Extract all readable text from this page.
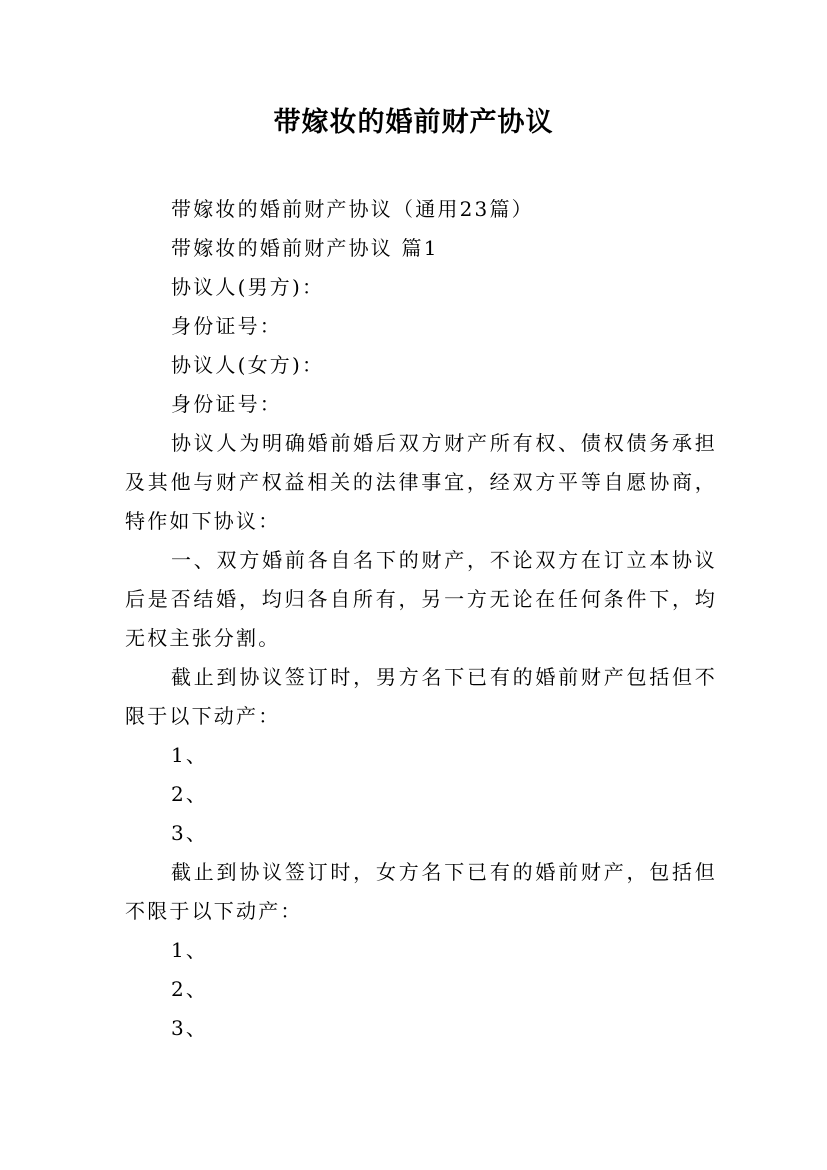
带嫁妆的婚前财产协议

带嫁妆的婚前财产协议（通用23篇）

带嫁妆的婚前财产协议 篇1

协议人(男方)：

身份证号：

协议人(女方)：

身份证号：

协议人为明确婚前婚后双方财产所有权、债权债务承担及其他与财产权益相关的法律事宜，经双方平等自愿协商，特作如下协议：

一、双方婚前各自名下的财产，不论双方在订立本协议后是否结婚，均归各自所有，另一方无论在任何条件下，均无权主张分割。

截止到协议签订时，男方名下已有的婚前财产包括但不限于以下动产：

1、

2、

3、

截止到协议签订时，女方名下已有的婚前财产，包括但不限于以下动产：

1、

2、

3、
